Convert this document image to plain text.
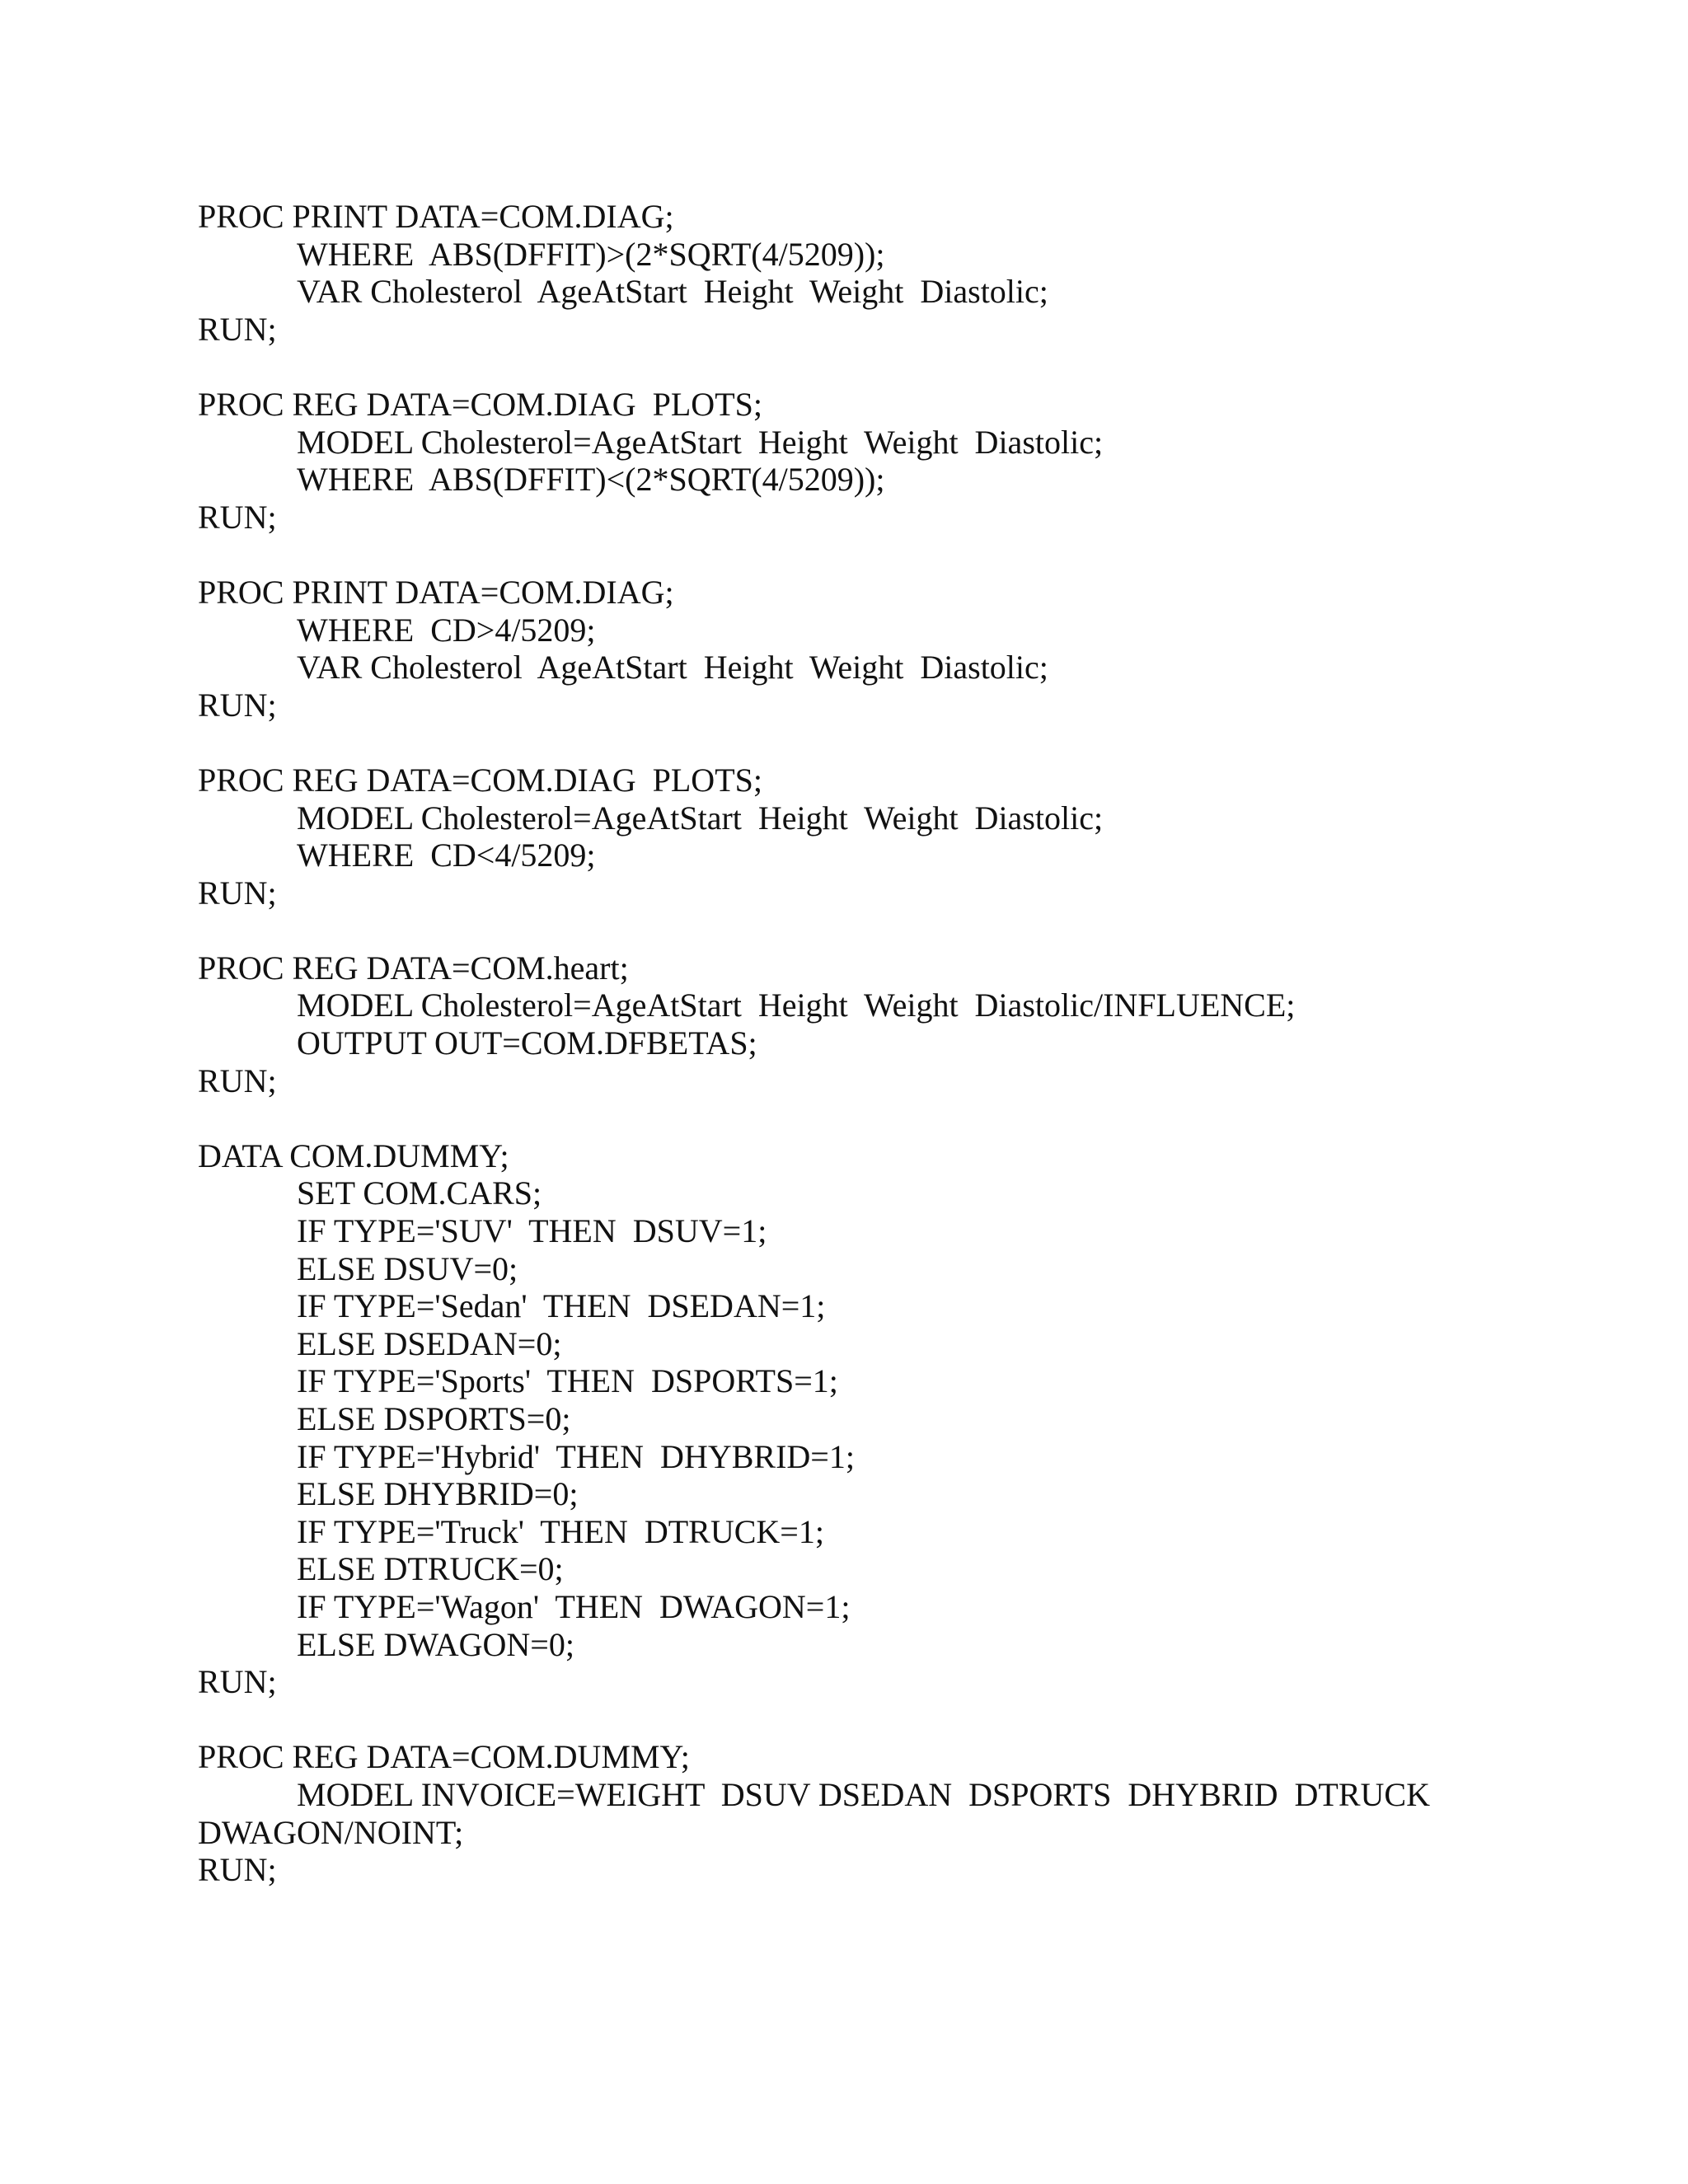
PROC PRINT DATA=COM.DIAG;
WHERE  ABS(DFFIT)>(2*SQRT(4/5209));
VAR Cholesterol  AgeAtStart  Height  Weight  Diastolic;
RUN;
PROC REG DATA=COM.DIAG  PLOTS;
MODEL Cholesterol=AgeAtStart  Height  Weight  Diastolic;
WHERE  ABS(DFFIT)<(2*SQRT(4/5209));
RUN;
PROC PRINT DATA=COM.DIAG;
WHERE  CD>4/5209;
VAR Cholesterol  AgeAtStart  Height  Weight  Diastolic;
RUN;
PROC REG DATA=COM.DIAG  PLOTS;
MODEL Cholesterol=AgeAtStart  Height  Weight  Diastolic;
WHERE  CD<4/5209;
RUN;
PROC REG DATA=COM.heart;
MODEL Cholesterol=AgeAtStart  Height  Weight  Diastolic/INFLUENCE;
OUTPUT OUT=COM.DFBETAS;
RUN;
DATA COM.DUMMY;
SET COM.CARS;
IF TYPE='SUV'  THEN  DSUV=1;
ELSE DSUV=0;
IF TYPE='Sedan'  THEN  DSEDAN=1;
ELSE DSEDAN=0;
IF TYPE='Sports'  THEN  DSPORTS=1;
ELSE DSPORTS=0;
IF TYPE='Hybrid'  THEN  DHYBRID=1;
ELSE DHYBRID=0;
IF TYPE='Truck'  THEN  DTRUCK=1;
ELSE DTRUCK=0;
IF TYPE='Wagon'  THEN  DWAGON=1;
ELSE DWAGON=0;
RUN;
PROC REG DATA=COM.DUMMY;
MODEL INVOICE=WEIGHT  DSUV DSEDAN  DSPORTS  DHYBRID  DTRUCK
DWAGON/NOINT;
RUN;
